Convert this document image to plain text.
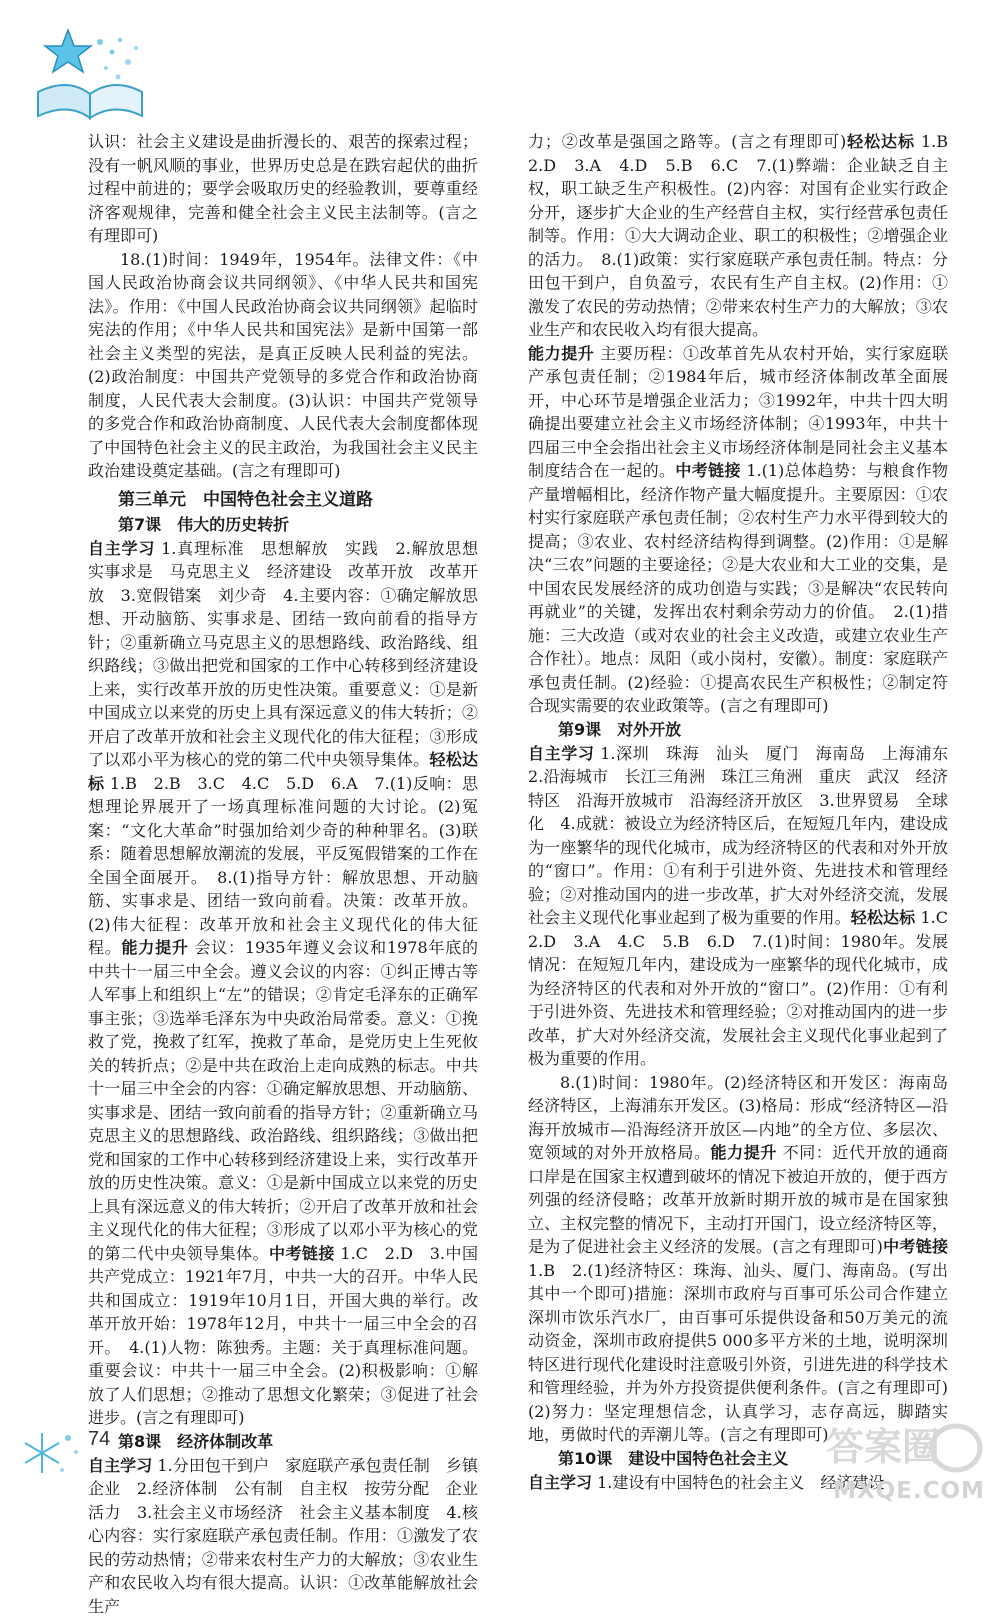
认识：社会主义建设是曲折漫长的、艰苦的探索过程；没有一帆风顺的事业，世界历史总是在跌宕起伏的曲折过程中前进的；要学会吸取历史的经验教训，要尊重经济客观规律，完善和健全社会主义民主法制等。(言之有理即可)

18.(1)时间：1949年，1954年。法律文件：《中国人民政治协商会议共同纲领》、《中华人民共和国宪法》。作用：《中国人民政治协商会议共同纲领》起临时宪法的作用；《中华人民共和国宪法》是新中国第一部社会主义类型的宪法，是真正反映人民利益的宪法。(2)政治制度：中国共产党领导的多党合作和政治协商制度，人民代表大会制度。(3)认识：中国共产党领导的多党合作和政治协商制度、人民代表大会制度都体现了中国特色社会主义的民主政治，为我国社会主义民主政治建设奠定基础。(言之有理即可)

第三单元　中国特色社会主义道路
第7课　伟大的历史转折

自主学习 1.真理标准　思想解放　实践　2.解放思想　实事求是　马克思主义　经济建设　改革开放　改革开放　3.宽假错案　刘少奇　4.主要内容：①确定解放思想、开动脑筋、实事求是、团结一致向前看的指导方针；②重新确立马克思主义的思想路线、政治路线、组织路线；③做出把党和国家的工作中心转移到经济建设上来，实行改革开放的历史性决策。重要意义：①是新中国成立以来党的历史上具有深远意义的伟大转折；②开启了改革开放和社会主义现代化的伟大征程；③形成了以邓小平为核心的党的第二代中央领导集体。轻松达标 1.B　2.B　3.C　4.C　5.D　6.A　7.(1)反响：思想理论界展开了一场真理标准问题的大讨论。(2)冤案：“文化大革命”时强加给刘少奇的种种罪名。(3)联系：随着思想解放潮流的发展，平反冤假错案的工作在全国全面展开。　8.(1)指导方针：解放思想、开动脑筋、实事求是、团结一致向前看。决策：改革开放。(2)伟大征程：改革开放和社会主义现代化的伟大征程。能力提升 会议：1935年遵义会议和1978年底的中共十一届三中全会。遵义会议的内容：①纠正博古等人军事上和组织上“左”的错误；②肯定毛泽东的正确军事主张；③选举毛泽东为中央政治局常委。意义：①挽救了党，挽救了红军，挽救了革命，是党历史上生死攸关的转折点；②是中共在政治上走向成熟的标志。中共十一届三中全会的内容：①确定解放思想、开动脑筋、实事求是、团结一致向前看的指导方针；②重新确立马克思主义的思想路线、政治路线、组织路线；③做出把党和国家的工作中心转移到经济建设上来，实行改革开放的历史性决策。意义：①是新中国成立以来党的历史上具有深远意义的伟大转折；②开启了改革开放和社会主义现代化的伟大征程；③形成了以邓小平为核心的党的第二代中央领导集体。中考链接 1.C　2.D　3.中国共产党成立：1921年7月，中共一大的召开。中华人民共和国成立：1919年10月1日，开国大典的举行。改革开放开始：1978年12月，中共十一届三中全会的召开。　4.(1)人物：陈独秀。主题：关于真理标准问题。重要会议：中共十一届三中全会。(2)积极影响：①解放了人们思想；②推动了思想文化繁荣；③促进了社会进步。(言之有理即可)

第8课　经济体制改革

自主学习 1.分田包干到户　家庭联产承包责任制　乡镇企业　2.经济体制　公有制　自主权　按劳分配　企业活力　3.社会主义市场经济　社会主义基本制度　4.核心内容：实行家庭联产承包责任制。作用：①激发了农民的劳动热情；②带来农村生产力的大解放；③农业生产和农民收入均有很大提高。认识：①改革能解放社会生产

力；②改革是强国之路等。(言之有理即可)轻松达标 1.B　2.D　3.A　4.D　5.B　6.C　7.(1)弊端：企业缺乏自主权，职工缺乏生产积极性。(2)内容：对国有企业实行政企分开，逐步扩大企业的生产经营自主权，实行经营承包责任制等。作用：①大大调动企业、职工的积极性；②增强企业的活力。　8.(1)政策：实行家庭联产承包责任制。特点：分田包干到户，自负盈亏，农民有生产自主权。(2)作用：①激发了农民的劳动热情；②带来农村生产力的大解放；③农业生产和农民收入均有很大提高。

能力提升 主要历程：①改革首先从农村开始，实行家庭联产承包责任制；②1984年后，城市经济体制改革全面展开，中心环节是增强企业活力；③1992年，中共十四大明确提出要建立社会主义市场经济体制；④1993年，中共十四届三中全会指出社会主义市场经济体制是同社会主义基本制度结合在一起的。中考链接 1.(1)总体趋势：与粮食作物产量增幅相比，经济作物产量大幅度提升。主要原因：①农村实行家庭联产承包责任制；②农村生产力水平得到较大的提高；③农业、农村经济结构得到调整。(2)作用：①是解决“三农”问题的主要途径；②是大农业和大工业的交集，是中国农民发展经济的成功创造与实践；③是解决“农民转向再就业”的关键，发挥出农村剩余劳动力的价值。　2.(1)措施：三大改造（或对农业的社会主义改造，或建立农业生产合作社）。地点：凤阳（或小岗村，安徽）。制度：家庭联产承包责任制。(2)经验：①提高农民生产积极性；②制定符合现实需要的农业政策等。(言之有理即可)

第9课　对外开放

自主学习 1.深圳　珠海　汕头　厦门　海南岛　上海浦东　2.沿海城市　长江三角洲　珠江三角洲　重庆　武汉　经济特区　沿海开放城市　沿海经济开放区　3.世界贸易　全球化　4.成就：被设立为经济特区后，在短短几年内，建设成为一座繁华的现代化城市，成为经济特区的代表和对外开放的“窗口”。作用：①有利于引进外资、先进技术和管理经验；②对推动国内的进一步改革，扩大对外经济交流，发展社会主义现代化事业起到了极为重要的作用。轻松达标 1.C　2.D　3.A　4.C　5.B　6.D　7.(1)时间：1980年。发展情况：在短短几年内，建设成为一座繁华的现代化城市，成为经济特区的代表和对外开放的“窗口”。(2)作用：①有利于引进外资、先进技术和管理经验；②对推动国内的进一步改革，扩大对外经济交流，发展社会主义现代化事业起到了极为重要的作用。

8.(1)时间：1980年。(2)经济特区和开发区：海南岛经济特区，上海浦东开发区。(3)格局：形成“经济特区—沿海开放城市—沿海经济开放区—内地”的全方位、多层次、宽领域的对外开放格局。能力提升 不同：近代开放的通商口岸是在国家主权遭到破坏的情况下被迫开放的，便于西方列强的经济侵略；改革开放新时期开放的城市是在国家独立、主权完整的情况下，主动打开国门，设立经济特区等，是为了促进社会主义经济的发展。(言之有理即可)中考链接 1.B　2.(1)经济特区：珠海、汕头、厦门、海南岛。(写出其中一个即可)措施：深圳市政府与百事可乐公司合作建立深圳市饮乐汽水厂，由百事可乐提供设备和50万美元的流动资金，深圳市政府提供5 000多平方米的土地，说明深圳特区进行现代化建设时注意吸引外资，引进先进的科学技术和管理经验，并为外方投资提供便利条件。(言之有理即可)(2)努力：坚定理想信念，认真学习，志存高远，脚踏实地，勇做时代的弄潮儿等。(言之有理即可)

第10课　建设中国特色社会主义

自主学习 1.建设有中国特色的社会主义　经济建设

74	答案圈
MXQE.COM
